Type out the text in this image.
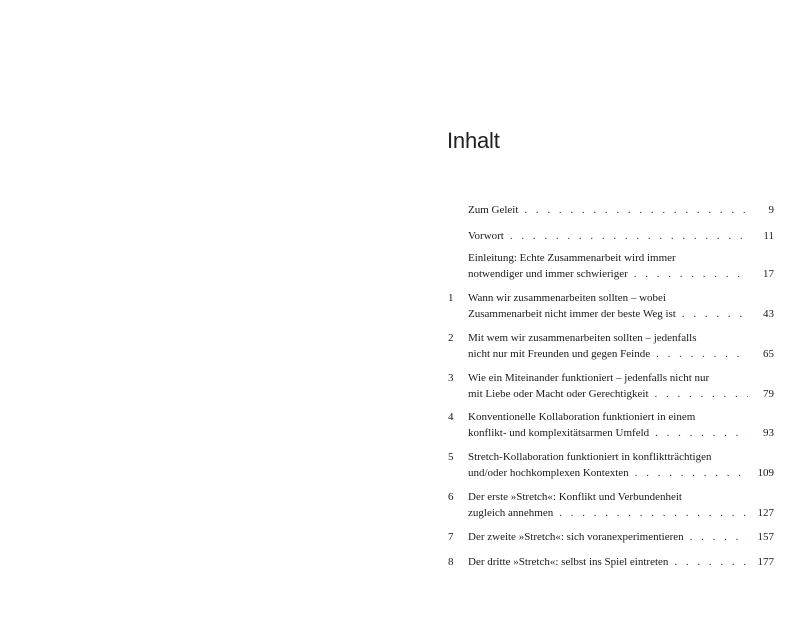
Inhalt
Zum Geleit . . .	9
Vorwort . . .	11
Einleitung: Echte Zusammenarbeit wird immer
notwendiger und immer schwieriger . . .	17
1 Wann wir zusammenarbeiten sollten – wobei
Zusammenarbeit nicht immer der beste Weg ist . . .	43
2 Mit wem wir zusammenarbeiten sollten – jedenfalls
nicht nur mit Freunden und gegen Feinde . . .	65
3 Wie ein Miteinander funktioniert – jedenfalls nicht nur
mit Liebe oder Macht oder Gerechtigkeit . . .	79
4 Konventionelle Kollaboration funktioniert in einem
konflikt- und komplexitätsarmen Umfeld . . .	93
5 Stretch-Kollaboration funktioniert in konfliktträchtigen
und/oder hochkomplexen Kontexten . . .	109
6 Der erste »Stretch«: Konflikt und Verbundenheit
zugleich annehmen . . .	127
7 Der zweite »Stretch«: sich voranexperimentieren . . .	157
8 Der dritte »Stretch«: selbst ins Spiel eintreten . . .	177
